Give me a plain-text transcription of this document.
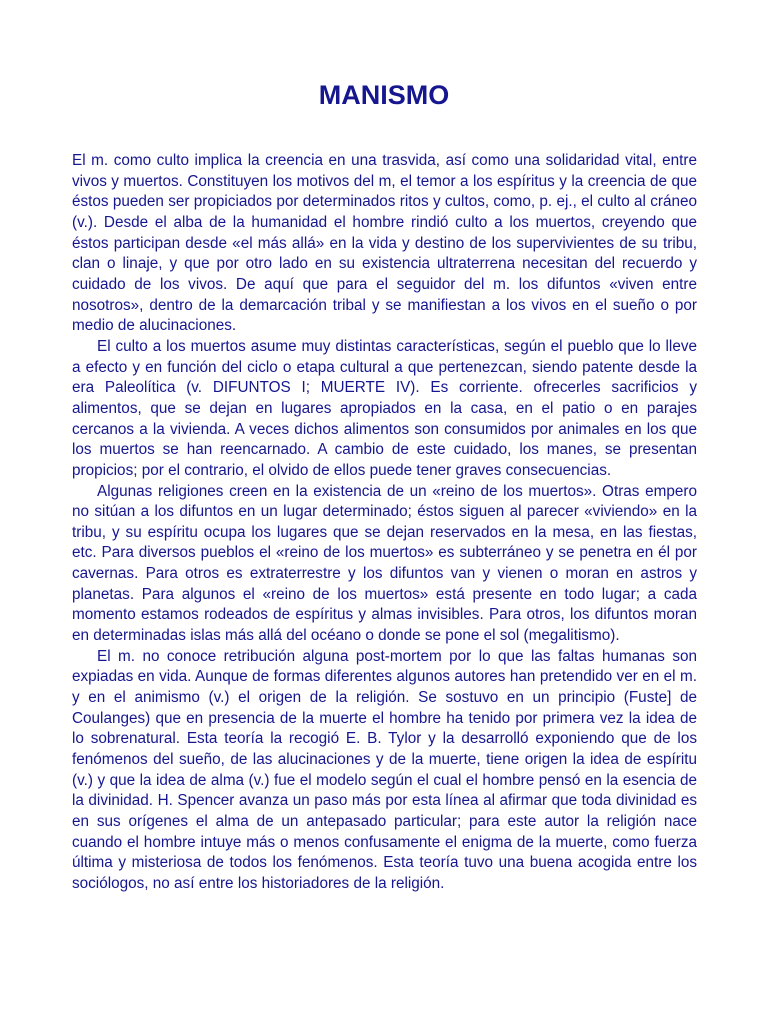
MANISMO

El m. como culto implica la creencia en una trasvida, así como una solidaridad vital, entre vivos y muertos. Constituyen los motivos del m, el temor a los espíritus y la creencia de que éstos pueden ser propiciados por determinados ritos y cultos, como, p. ej., el culto al cráneo (v.). Desde el alba de la humanidad el hombre rindió culto a los muertos, creyendo que éstos participan desde «el más allá» en la vida y destino de los supervivientes de su tribu, clan o linaje, y que por otro lado en su existencia ultraterrena necesitan del recuerdo y cuidado de los vivos. De aquí que para el seguidor del m. los difuntos «viven entre nosotros», dentro de la demarcación tribal y se manifiestan a los vivos en el sueño o por medio de alucinaciones.

El culto a los muertos asume muy distintas características, según el pueblo que lo lleve a efecto y en función del ciclo o etapa cultural a que pertenezcan, siendo patente desde la era Paleolítica (v. DIFUNTOS I; MUERTE IV). Es corriente. ofrecerles sacrificios y alimentos, que se dejan en lugares apropiados en la casa, en el patio o en parajes cercanos a la vivienda. A veces dichos alimentos son consumidos por animales en los que los muertos se han reencarnado. A cambio de este cuidado, los manes, se presentan propicios; por el contrario, el olvido de ellos puede tener graves consecuencias.

Algunas religiones creen en la existencia de un «reino de los muertos». Otras empero no sitúan a los difuntos en un lugar determinado; éstos siguen al parecer «viviendo» en la tribu, y su espíritu ocupa los lugares que se dejan reservados en la mesa, en las fiestas, etc. Para diversos pueblos el «reino de los muertos» es subterráneo y se penetra en él por cavernas. Para otros es extraterrestre y los difuntos van y vienen o moran en astros y planetas. Para algunos el «reino de los muertos» está presente en todo lugar; a cada momento estamos rodeados de espíritus y almas invisibles. Para otros, los difuntos moran en determinadas islas más allá del océano o donde se pone el sol (megalitismo).

El m. no conoce retribución alguna post-mortem por lo que las faltas humanas son expiadas en vida. Aunque de formas diferentes algunos autores han pretendido ver en el m. y en el animismo (v.) el origen de la religión. Se sostuvo en un principio (Fuste] de Coulanges) que en presencia de la muerte el hombre ha tenido por primera vez la idea de lo sobrenatural. Esta teoría la recogió E. B. Tylor y la desarrolló exponiendo que de los fenómenos del sueño, de las alucinaciones y de la muerte, tiene origen la idea de espíritu (v.) y que la idea de alma (v.) fue el modelo según el cual el hombre pensó en la esencia de la divinidad. H. Spencer avanza un paso más por esta línea al afirmar que toda divinidad es en sus orígenes el alma de un antepasado particular; para este autor la religión nace cuando el hombre intuye más o menos confusamente el enigma de la muerte, como fuerza última y misteriosa de todos los fenómenos. Esta teoría tuvo una buena acogida entre los sociólogos, no así entre los historiadores de la religión.
